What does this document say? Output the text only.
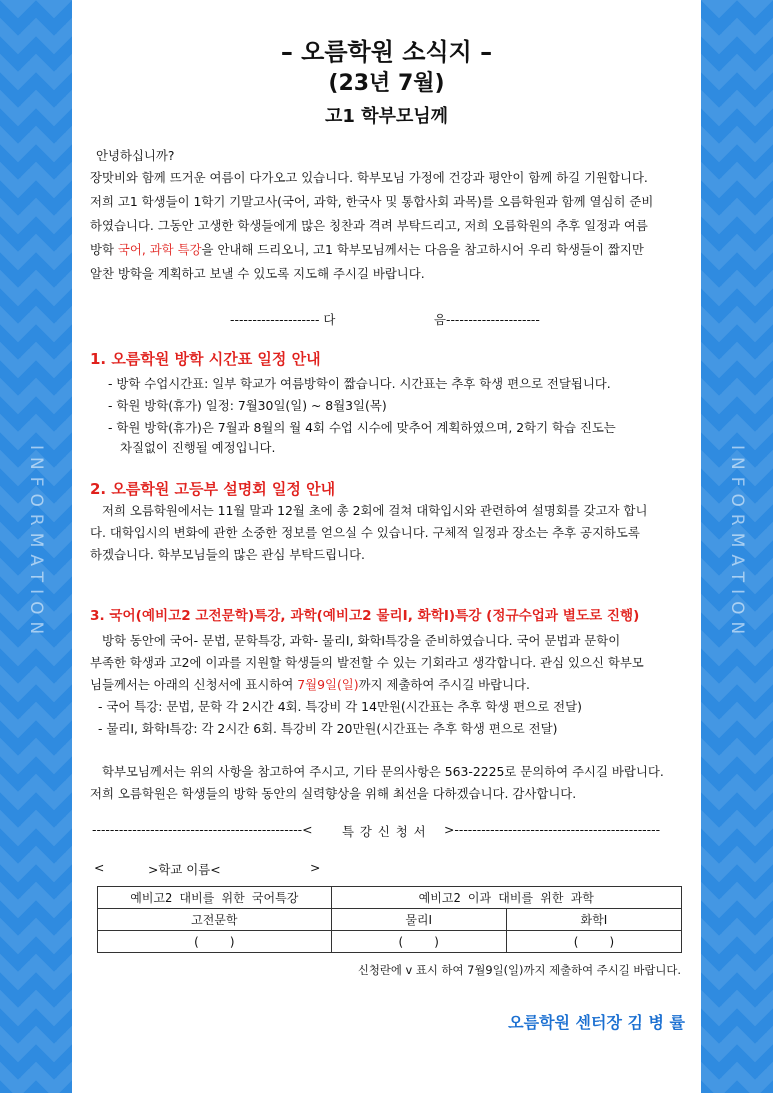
INFORMATION	INFORMATION
– 오름학원 소식지 –
(23년 7월)
고1 학부모님께
안녕하십니까?
장맛비와 함께 뜨거운 여름이 다가오고 있습니다. 학부모님 가정에 건강과 평안이 함께 하길 기원합니다.
저희 고1 학생들이 1학기 기말고사(국어, 과학, 한국사 및 통합사회 과목)를 오름학원과 함께 열심히 준비
하였습니다. 그동안 고생한 학생들에게 많은 칭찬과 격려 부탁드리고, 저희 오름학원의 추후 일정과 여름
방학 국어, 과학 특강을 안내해 드리오니, 고1 학부모님께서는 다음을 참고하시어 우리 학생들이 짧지만
알찬 방학을 계획하고 보낼 수 있도록 지도해 주시길 바랍니다.
-------------------- 다	음---------------------
1. 오름학원 방학 시간표 일정 안내
- 방학 수업시간표: 일부 학교가 여름방학이 짧습니다. 시간표는 추후 학생 편으로 전달됩니다.
- 학원 방학(휴가) 일정: 7월30일(일) ~ 8월3일(목)
- 학원 방학(휴가)은 7월과 8월의 월 4회 수업 시수에 맞추어 계획하였으며, 2학기 학습 진도는
차질없이 진행될 예정입니다.
2. 오름학원 고등부 설명회 일정 안내
저희 오름학원에서는 11월 말과 12월 초에 총 2회에 걸쳐 대학입시와 관련하여 설명회를 갖고자 합니
다. 대학입시의 변화에 관한 소중한 정보를 얻으실 수 있습니다. 구체적 일정과 장소는 추후 공지하도록
하겠습니다. 학부모님들의 많은 관심 부탁드립니다.
3. 국어(예비고2 고전문학)특강, 과학(예비고2 물리Ⅰ, 화학Ⅰ)특강 (정규수업과 별도로 진행)
방학 동안에 국어- 문법, 문학특강, 과학- 물리Ⅰ, 화학Ⅰ특강을 준비하였습니다. 국어 문법과 문학이
부족한 학생과 고2에 이과를 지원할 학생들의 발전할 수 있는 기회라고 생각합니다. 관심 있으신 학부모
님들께서는 아래의 신청서에 표시하여 7월9일(일)까지 제출하여 주시길 바랍니다.
- 국어 특강: 문법, 문학 각 2시간 4회. 특강비 각 14만원(시간표는 추후 학생 편으로 전달)
- 물리Ⅰ, 화학Ⅰ특강: 각 2시간 6회. 특강비 각 20만원(시간표는 추후 학생 편으로 전달)
학부모님께서는 위의 사항을 참고하여 주시고, 기타 문의사항은 563-2225로 문의하여 주시길 바랍니다.
저희 오름학원은 학생들의 방학 동안의 실력향상을 위해 최선을 다하겠습니다. 감사합니다.
-----------------------------------------------< 특 강 신 청 서 >----------------------------------------------
<	>학교 이름<	>
예비고2 대비를 위한 국어특강	예비고2 이과 대비를 위한 과학	
고전문학	물리Ⅰ	화학Ⅰ
(    )	(    )	(    )
신청란에 v 표시 하여 7월9일(일)까지 제출하여 주시길 바랍니다.
오름학원 센터장 김 병 률
